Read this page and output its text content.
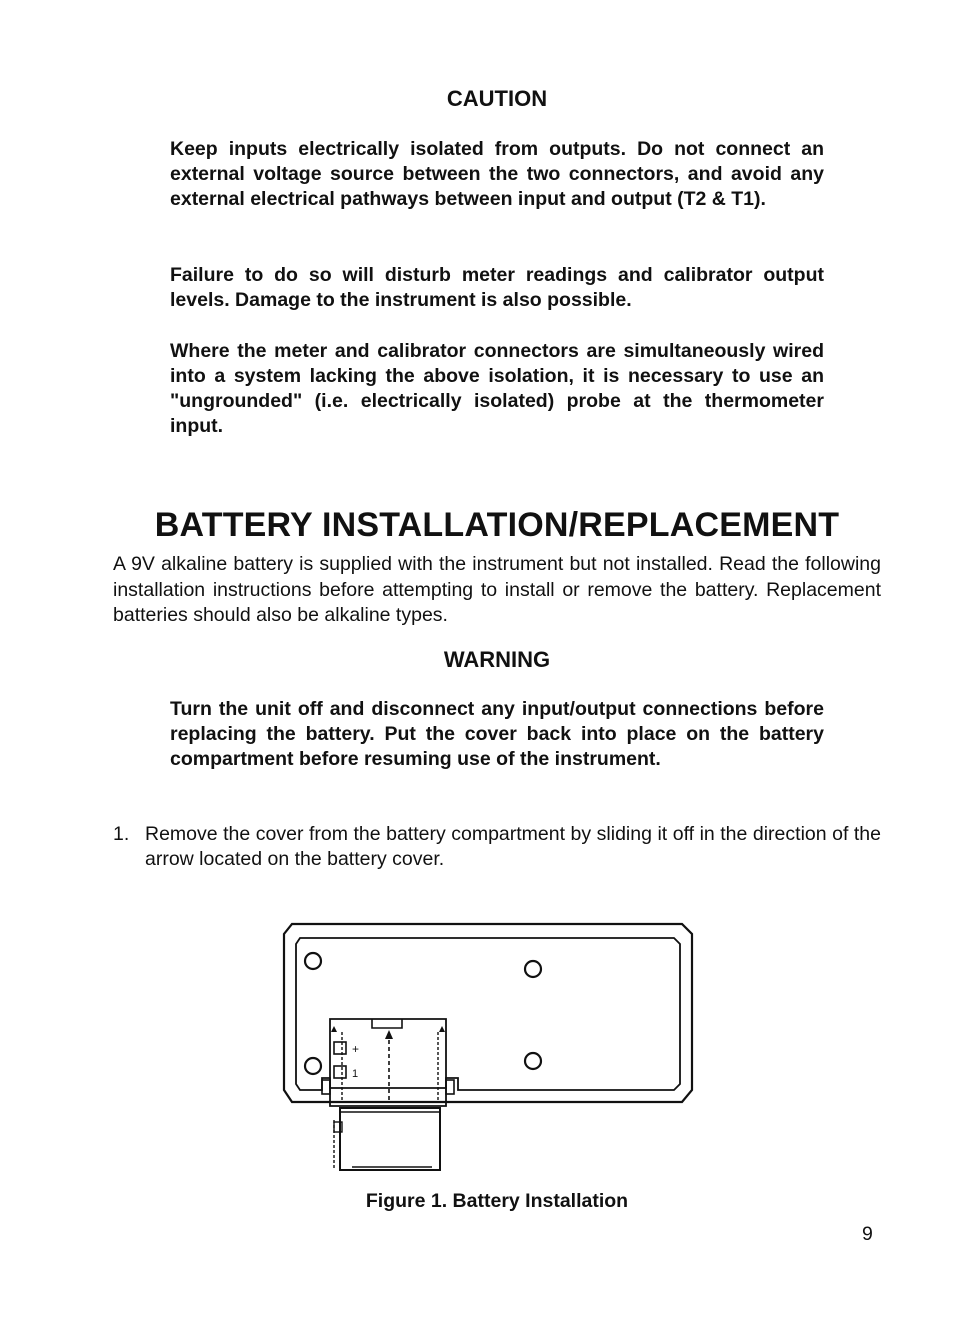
CAUTION

Keep inputs electrically isolated from outputs. Do not connect an external voltage source between the two connectors, and avoid any external electrical pathways between input and output (T2 & T1).

Failure to do so will disturb meter readings and calibrator output levels. Damage to the instrument is also possible.

Where the meter and calibrator connectors are simultaneously wired into a system lacking the above isolation, it is necessary to use an "ungrounded" (i.e. electrically isolated) probe at the thermometer input.

BATTERY INSTALLATION/REPLACEMENT

A 9V alkaline battery is supplied with the instrument but not installed. Read the following installation instructions before attempting to install or remove the battery. Replacement batteries should also be alkaline types.

WARNING

Turn the unit off and disconnect any input/output connections before replacing the battery. Put the cover back into place on the battery compartment before resuming use of the instrument.

1. Remove the cover from the battery compartment by sliding it off in the direction of the arrow located on the battery cover.
+
1
Figure 1. Battery Installation
9
